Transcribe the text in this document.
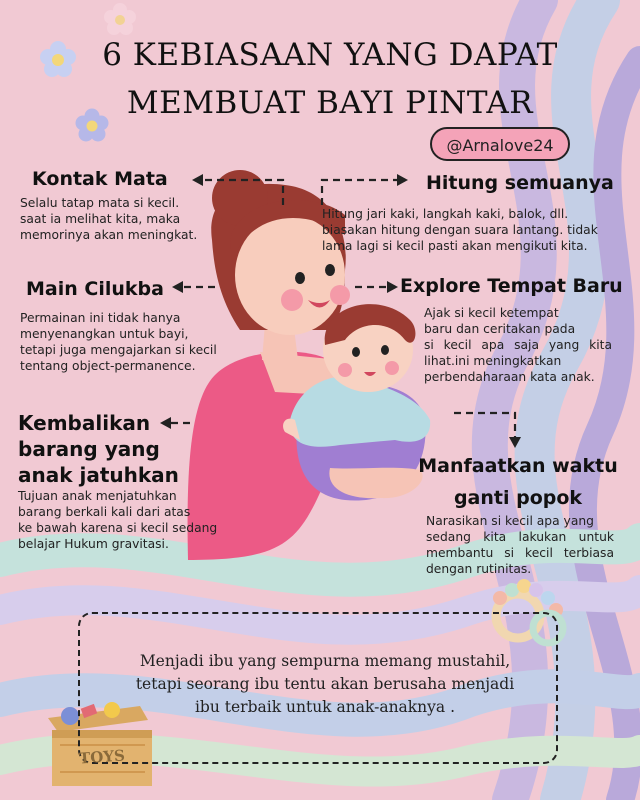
6 KEBIASAAN YANG DAPAT
MEMBUAT BAYI PINTAR
@Arnalove24
Kontak Mata
Selalu tatap mata si kecil.
saat ia melihat kita, maka
memorinya akan meningkat.
Main Cilukba
Permainan ini tidak hanya
menyenangkan untuk bayi,
tetapi juga mengajarkan si kecil
tentang object-permanence.
Kembalikan
barang yang
anak jatuhkan
Tujuan anak menjatuhkan
barang berkali kali dari atas
ke bawah karena si kecil sedang
belajar Hukum gravitasi.
Hitung semuanya
Hitung jari kaki, langkah kaki, balok, dll.
biasakan hitung dengan suara lantang. tidak
lama lagi si kecil pasti akan mengikuti kita.
Explore Tempat Baru
Ajak si kecil ketempat
baru dan ceritakan pada
si kecil apa saja yang kita
lihat.ini meningkatkan
perbendaharaan kata anak.
Manfaatkan waktu
ganti popok
Narasikan si kecil apa yang
sedang kita lakukan untuk
membantu si kecil terbiasa
dengan rutinitas.
Menjadi ibu yang sempurna memang mustahil,
tetapi seorang ibu tentu akan berusaha menjadi
ibu terbaik untuk anak-anaknya .
TOYS
